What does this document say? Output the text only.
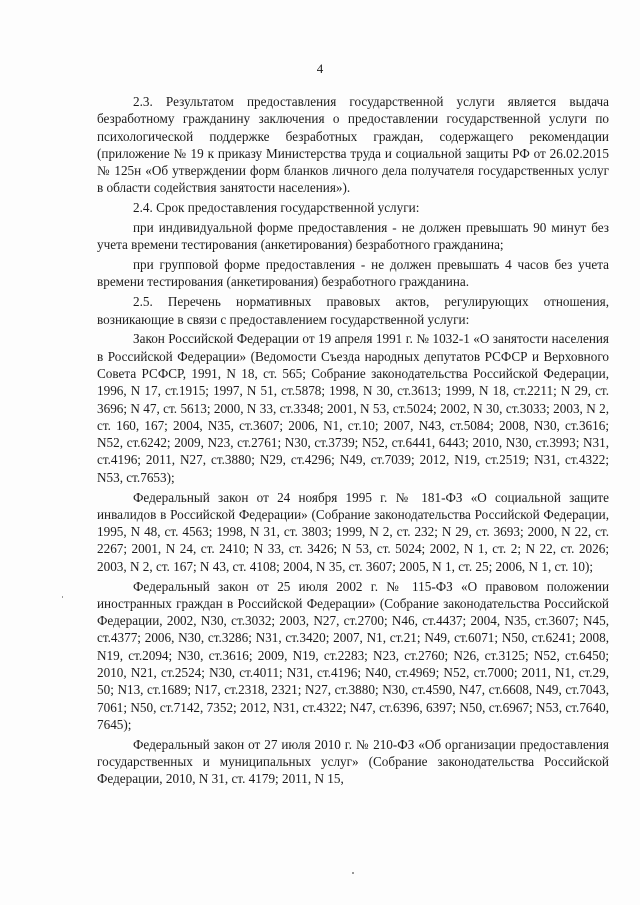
4

2.3. Результатом предоставления государственной услуги является выдача безработному гражданину заключения о предоставлении государственной услуги по психологической поддержке безработных граждан, содержащего рекомендации (приложение № 19 к приказу Министерства труда и социальной защиты РФ от 26.02.2015 № 125н «Об утверждении форм бланков личного дела получателя государственных услуг в области содействия занятости населения»).

2.4. Срок предоставления государственной услуги:

при индивидуальной форме предоставления - не должен превышать 90 минут без учета времени тестирования (анкетирования) безработного гражданина;

при групповой форме предоставления - не должен превышать 4 часов без учета времени тестирования (анкетирования) безработного гражданина.

2.5. Перечень нормативных правовых актов, регулирующих отношения, возникающие в связи с предоставлением государственной услуги:

Закон Российской Федерации от 19 апреля 1991 г. № 1032-1 «О занятости населения в Российской Федерации» (Ведомости Съезда народных депутатов РСФСР и Верховного Совета РСФСР, 1991, N 18, ст. 565; Собрание законодательства Российской Федерации, 1996, N 17, ст.1915; 1997, N 51, ст.5878; 1998, N 30, ст.3613; 1999, N 18, ст.2211; N 29, ст. 3696; N 47, ст. 5613; 2000, N 33, ст.3348; 2001, N 53, ст.5024; 2002, N 30, ст.3033; 2003, N 2, ст. 160, 167; 2004, N35, ст.3607; 2006, N1, ст.10; 2007, N43, ст.5084; 2008, N30, ст.3616; N52, ст.6242; 2009, N23, ст.2761; N30, ст.3739; N52, ст.6441, 6443; 2010, N30, ст.3993; N31, ст.4196; 2011, N27, ст.3880; N29, ст.4296; N49, ст.7039; 2012, N19, ст.2519; N31, ст.4322; N53, ст.7653);

Федеральный закон от 24 ноября 1995 г. № 181-ФЗ «О социальной защите инвалидов в Российской Федерации» (Собрание законодательства Российской Федерации, 1995, N 48, ст. 4563; 1998, N 31, ст. 3803; 1999, N 2, ст. 232; N 29, ст. 3693; 2000, N 22, ст. 2267; 2001, N 24, ст. 2410; N 33, ст. 3426; N 53, ст. 5024; 2002, N 1, ст. 2; N 22, ст. 2026; 2003, N 2, ст. 167; N 43, ст. 4108; 2004, N 35, ст. 3607; 2005, N 1, ст. 25; 2006, N 1, ст. 10);

Федеральный закон от 25 июля 2002 г. № 115-ФЗ «О правовом положении иностранных граждан в Российской Федерации» (Собрание законодательства Российской Федерации, 2002, N30, ст.3032; 2003, N27, ст.2700; N46, ст.4437; 2004, N35, ст.3607; N45, ст.4377; 2006, N30, ст.3286; N31, ст.3420; 2007, N1, ст.21; N49, ст.6071; N50, ст.6241; 2008, N19, ст.2094; N30, ст.3616; 2009, N19, ст.2283; N23, ст.2760; N26, ст.3125; N52, ст.6450; 2010, N21, ст.2524; N30, ст.4011; N31, ст.4196; N40, ст.4969; N52, ст.7000; 2011, N1, ст.29, 50; N13, ст.1689; N17, ст.2318, 2321; N27, ст.3880; N30, ст.4590, N47, ст.6608, N49, ст.7043, 7061; N50, ст.7142, 7352; 2012, N31, ст.4322; N47, ст.6396, 6397; N50, ст.6967; N53, ст.7640, 7645);

Федеральный закон от 27 июля 2010 г. № 210-ФЗ «Об организации предоставления государственных и муниципальных услуг» (Собрание законодательства Российской Федерации, 2010, N 31, ст. 4179; 2011, N 15,
